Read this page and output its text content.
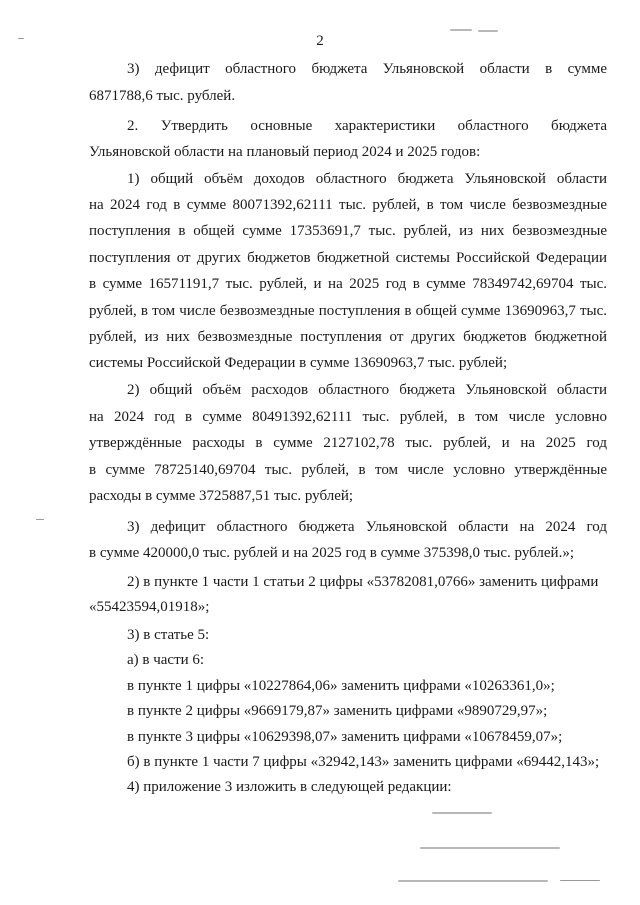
2
3) дефицит областного бюджета Ульяновской области в сумме
6871788,6 тыс. рублей.
2. Утвердить основные характеристики областного бюджета
Ульяновской области на плановый период 2024 и 2025 годов:
1) общий объём доходов областного бюджета Ульяновской области
на 2024 год в сумме 80071392,62111 тыс. рублей, в том числе безвозмездные
поступления в общей сумме 17353691,7 тыс. рублей, из них безвозмездные
поступления от других бюджетов бюджетной системы Российской Федерации
в сумме 16571191,7 тыс. рублей, и на 2025 год в сумме 78349742,69704 тыс.
рублей, в том числе безвозмездные поступления в общей сумме 13690963,7 тыс.
рублей, из них безвозмездные поступления от других бюджетов бюджетной
системы Российской Федерации в сумме 13690963,7 тыс. рублей;
2) общий объём расходов областного бюджета Ульяновской области
на 2024 год в сумме 80491392,62111 тыс. рублей, в том числе условно
утверждённые расходы в сумме 2127102,78 тыс. рублей, и на 2025 год
в сумме 78725140,69704 тыс. рублей, в том числе условно утверждённые
расходы в сумме 3725887,51 тыс. рублей;
3) дефицит областного бюджета Ульяновской области на 2024 год
в сумме 420000,0 тыс. рублей и на 2025 год в сумме 375398,0 тыс. рублей.»;
2) в пункте 1 части 1 статьи 2 цифры «53782081,0766» заменить цифрами
«55423594,01918»;
3) в статье 5:
а) в части 6:
в пункте 1 цифры «10227864,06» заменить цифрами «10263361,0»;
в пункте 2 цифры «9669179,87» заменить цифрами «9890729,97»;
в пункте 3 цифры «10629398,07» заменить цифрами «10678459,07»;
б) в пункте 1 части 7 цифры «32942,143» заменить цифрами «69442,143»;
4) приложение 3 изложить в следующей редакции:
